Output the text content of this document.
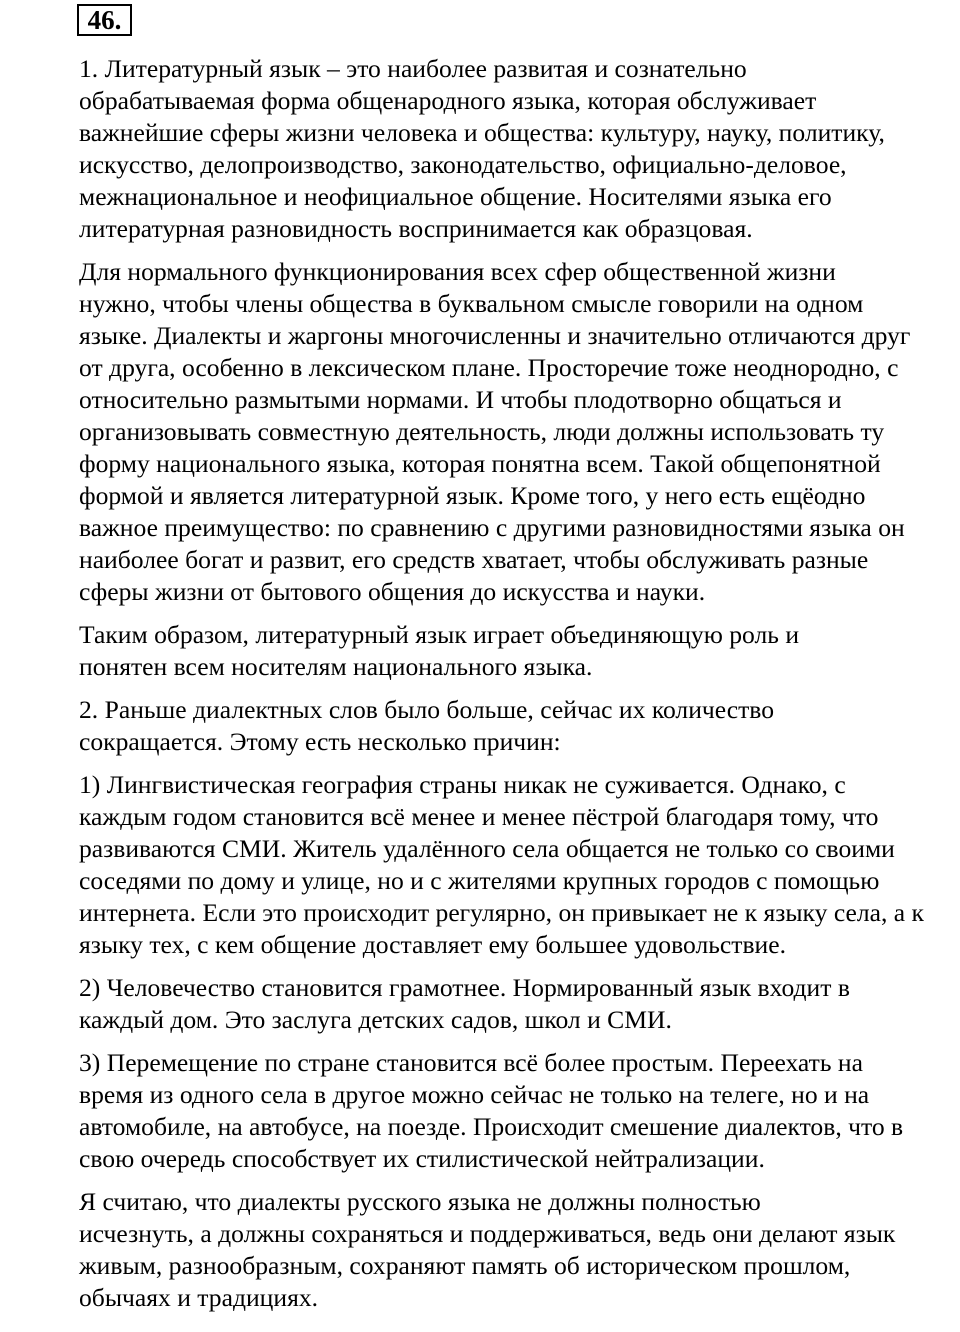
46.

1. Литературный язык – это наиболее развитая и сознательно
обрабатываемая форма общенародного языка, которая обслуживает
важнейшие сферы жизни человека и общества: культуру, науку, политику,
искусство, делопроизводство, законодательство, официально-деловое,
межнациональное и неофициальное общение. Носителями языка его
литературная разновидность воспринимается как образцовая.

Для нормального функционирования всех сфер общественной жизни
нужно, чтобы члены общества в буквальном смысле говорили на одном
языке. Диалекты и жаргоны многочисленны и значительно отличаются друг
от друга, особенно в лексическом плане. Просторечие тоже неоднородно, с
относительно размытыми нормами. И чтобы плодотворно общаться и
организовывать совместную деятельность, люди должны использовать ту
форму национального языка, которая понятна всем. Такой общепонятной
формой и является литературной язык. Кроме того, у него есть ещёодно
важное преимущество: по сравнению с другими разновидностями языка он
наиболее богат и развит, его средств хватает, чтобы обслуживать разные
сферы жизни от бытового общения до искусства и науки.

Таким образом, литературный язык играет объединяющую роль и
понятен всем носителям национального языка.

2. Раньше диалектных слов было больше, сейчас их количество
сокращается. Этому есть несколько причин:

1) Лингвистическая география страны никак не суживается. Однако, с
каждым годом становится всё менее и менее пёстрой благодаря тому, что
развиваются СМИ. Житель удалённого села общается не только со своими
соседями по дому и улице, но и с жителями крупных городов с помощью
интернета. Если это происходит регулярно, он привыкает не к языку села, а к
языку тех, с кем общение доставляет ему большее удовольствие.

2) Человечество становится грамотнее. Нормированный язык входит в
каждый дом. Это заслуга детских садов, школ и СМИ.

3) Перемещение по стране становится всё более простым. Переехать на
время из одного села в другое можно сейчас не только на телеге, но и на
автомобиле, на автобусе, на поезде. Происходит смешение диалектов, что в
свою очередь способствует их стилистической нейтрализации.

Я считаю, что диалекты русского языка не должны полностью
исчезнуть, а должны сохраняться и поддерживаться, ведь они делают язык
живым, разнообразным, сохраняют память об историческом прошлом,
обычаях и традициях.
